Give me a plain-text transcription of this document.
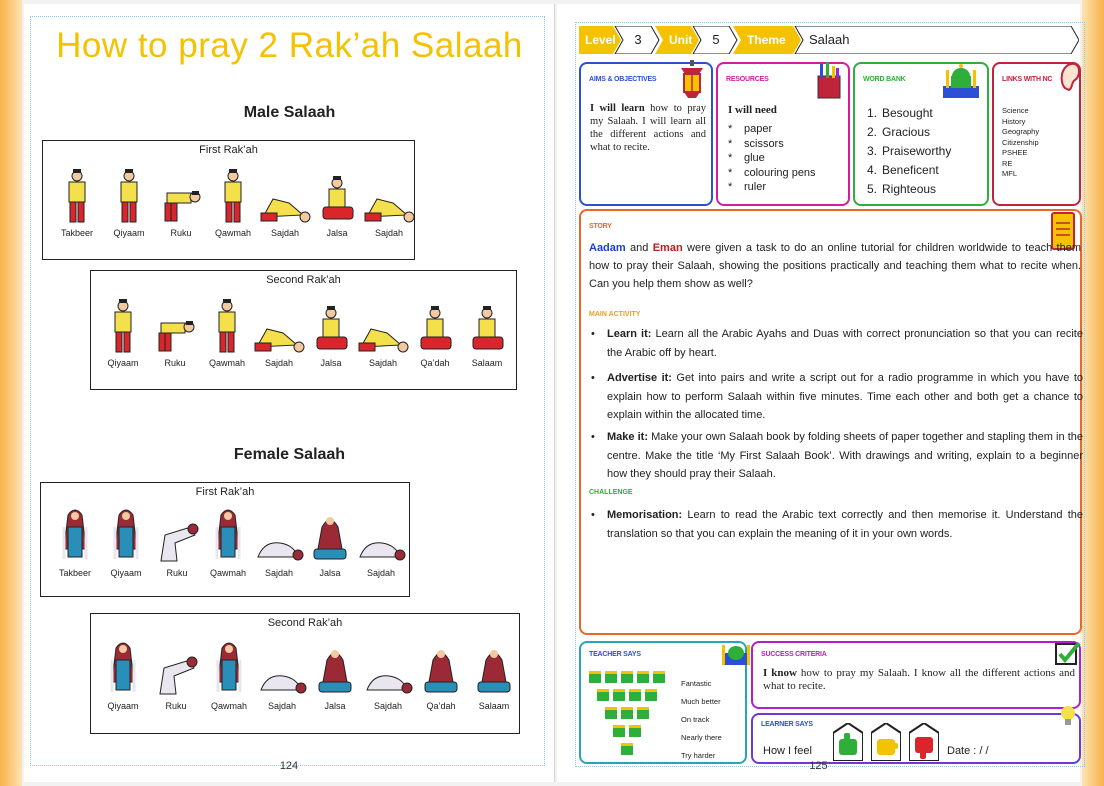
How to pray 2 Rak’ah Salaah
Male Salaah
First Rak’ah
Takbeer	Qiyaam	Ruku	Qawmah	Sajdah	Jalsa	Sajdah
Second Rak’ah
Qiyaam	Ruku	Qawmah	Sajdah	Jalsa	Sajdah	Qa’dah	Salaam
Female Salaah
First Rak’ah
Takbeer	Qiyaam	Ruku	Qawmah	Sajdah	Jalsa	Sajdah
Second Rak’ah
Qiyaam	Ruku	Qawmah	Sajdah	Jalsa	Sajdah	Qa’dah	Salaam
124
Level	3	Unit	5	Theme	Salaah
AIMS & OBJECTIVES

I will learn how to pray my Salaah. I will learn all the different actions and what to recite.

RESOURCES
I will need
* paper
* scissors
* glue
* colouring pens
* ruler
WORD BANK
1. Besought
2. Gracious
3. Praiseworthy
4. Beneficent
5. Righteous
LINKS WITH NC
Science
History
Geography
Citizenship
PSHEE
RE
MFL
STORY
Aadam and Eman were given a task to do an online tutorial for children worldwide to teach them how to pray their Salaah, showing the positions practically and teaching them what to recite when. Can you help them show as well?
MAIN ACTIVITY
• Learn it: Learn all the Arabic Ayahs and Duas with correct pronunciation so that you can recite the Arabic off by heart.
• Advertise it: Get into pairs and write a script out for a radio programme in which you have to explain how to perform Salaah within five minutes. Time each other and both get a chance to explain within the allocated time.
• Make it: Make your own Salaah book by folding sheets of paper together and stapling them in the centre. Make the title ‘My First Salaah Book’. With drawings and writing, explain to a beginner how they should pray their Salaah.
CHALLENGE
• Memorisation: Learn to read the Arabic text correctly and then memorise it. Understand the translation so that you can explain the meaning of it in your own words.
TEACHER SAYS
Fantastic
Much better
On track
Nearly there
Try harder
SUCCESS CRITERIA

I know how to pray my Salaah. I know all the different actions and what to recite.

LEARNER SAYS
How I feel	Date : / /
125
